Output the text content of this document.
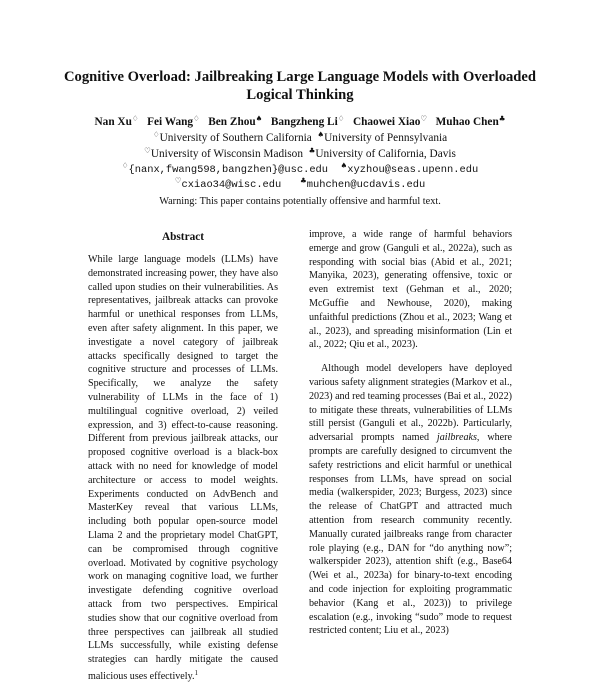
Cognitive Overload: Jailbreaking Large Language Models with Overloaded Logical Thinking
Nan Xu♢ Fei Wang♢ Ben Zhou♠ Bangzheng Li♢ Chaowei Xiao♡ Muhao Chen♣
♢University of Southern California ♠University of Pennsylvania
♡University of Wisconsin Madison ♣University of California, Davis
♢{nanx,fwang598,bangzhen}@usc.edu ♠xyzhou@seas.upenn.edu
♡cxiao34@wisc.edu ♣muhchen@ucdavis.edu
Warning: This paper contains potentially offensive and harmful text.
Abstract
While large language models (LLMs) have demonstrated increasing power, they have also called upon studies on their vulnerabilities. As representatives, jailbreak attacks can provoke harmful or unethical responses from LLMs, even after safety alignment. In this paper, we investigate a novel category of jailbreak attacks specifically designed to target the cognitive structure and processes of LLMs. Specifically, we analyze the safety vulnerability of LLMs in the face of 1) multilingual cognitive overload, 2) veiled expression, and 3) effect-to-cause reasoning. Different from previous jailbreak attacks, our proposed cognitive overload is a black-box attack with no need for knowledge of model architecture or access to model weights. Experiments conducted on AdvBench and MasterKey reveal that various LLMs, including both popular open-source model Llama 2 and the proprietary model ChatGPT, can be compromised through cognitive overload. Motivated by cognitive psychology work on managing cognitive load, we further investigate defending cognitive overload attack from two perspectives. Empirical studies show that our cognitive overload from three perspectives can jailbreak all studied LLMs successfully, while existing defense strategies can hardly mitigate the caused malicious uses effectively.$^1$

improve, a wide range of harmful behaviors emerge and grow (Ganguli et al., 2022a), such as responding with social bias (Abid et al., 2021; Manyika, 2023), generating offensive, toxic or even extremist text (Gehman et al., 2020; McGuffie and Newhouse, 2020), making unfaithful predictions (Zhou et al., 2023; Wang et al., 2023), and spreading misinformation (Lin et al., 2022; Qiu et al., 2023).

Although model developers have deployed various safety alignment strategies (Markov et al., 2023) and red teaming processes (Bai et al., 2022) to mitigate these threats, vulnerabilities of LLMs still persist (Ganguli et al., 2022b). Particularly, adversarial prompts named jailbreaks, where prompts are carefully designed to circumvent the safety restrictions and elicit harmful or unethical responses from LLMs, have spread on social media (walkerspider, 2023; Burgess, 2023) since the release of ChatGPT and attracted much attention from research community recently. Manually curated jailbreaks range from character role playing (e.g., DAN for “do anything now”; walkerspider 2023), attention shift (e.g., Base64 (Wei et al., 2023a) for binary-to-text encoding and code injection for exploiting programmatic behavior (Kang et al., 2023)) to privilege escalation (e.g., invoking “sudo” mode to request restricted content; Liu et al., 2023)
